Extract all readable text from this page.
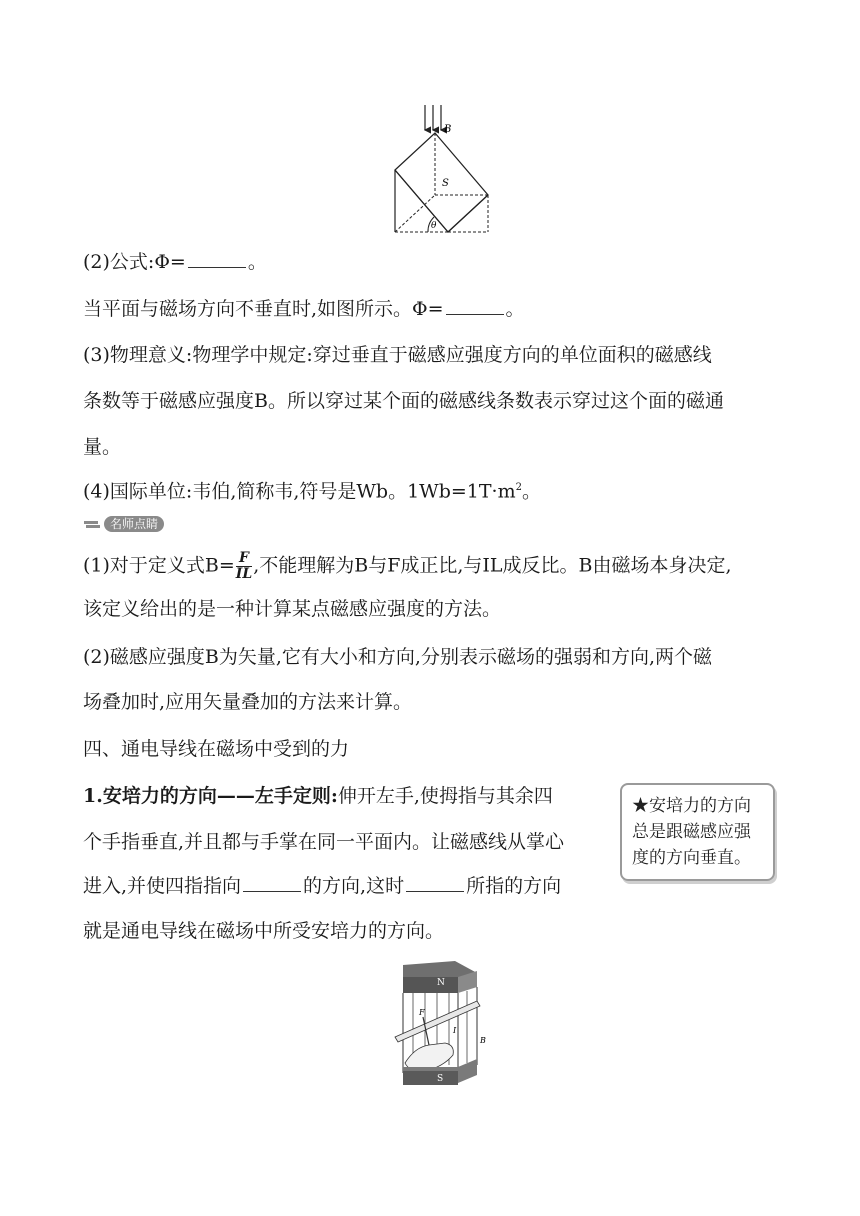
B
S
θ
(2)公式:Φ=	。
当平面与磁场方向不垂直时,如图所示。Φ=	。
(3)物理意义:物理学中规定:穿过垂直于磁感应强度方向的单位面积的磁感线
条数等于磁感应强度B。所以穿过某个面的磁感线条数表示穿过这个面的磁通
量。
(4)国际单位:韦伯,简称韦,符号是Wb。$1Wb=1T\cdot m^2$。
名师点睛
(1)对于定义式$B= \frac{F}{IL}$ ,不能理解为B与F成正比,与IL成反比。B由磁场本身决定,
该定义给出的是一种计算某点磁感应强度的方法。
(2)磁感应强度B为矢量,它有大小和方向,分别表示磁场的强弱和方向,两个磁
场叠加时,应用矢量叠加的方法来计算。
四、通电导线在磁场中受到的力
1.安培力的方向——左手定则:伸开左手,使拇指与其余四
个手指垂直,并且都与手掌在同一平面内。让磁感线从掌心
进入,并使四指指向	的方向,这时	所指的方向
就是通电导线在磁场中所受安培力的方向。
★安培力的方向总是跟磁感应强度的方向垂直。
N
S
F
I
B
